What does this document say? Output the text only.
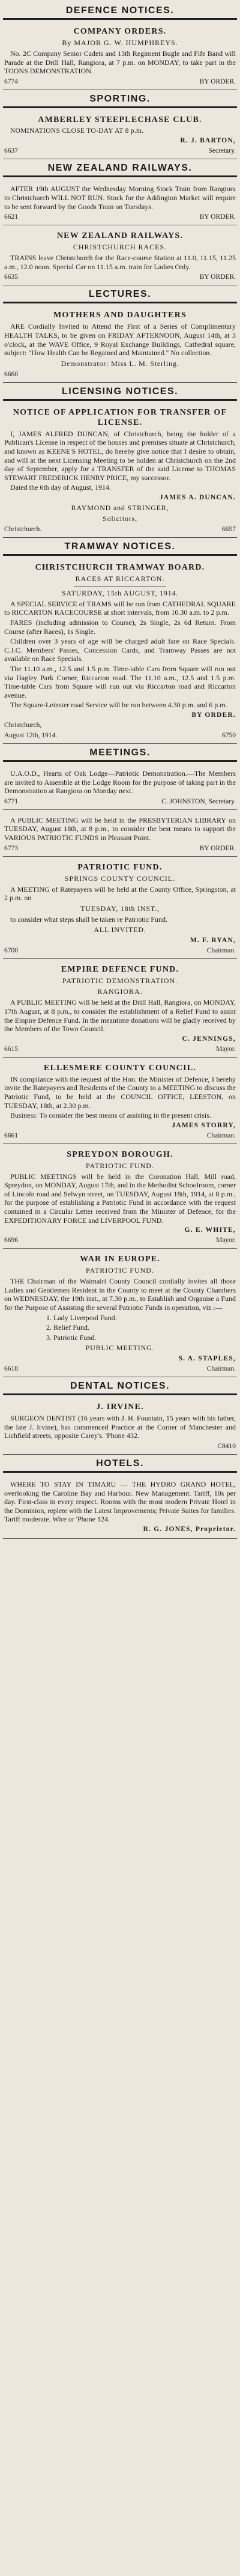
DEFENCE NOTICES.
COMPANY ORDERS.
By MAJOR G. W. HUMPHREYS.
No. 2C Company Senior Cadets and 13th Regiment Bugle and Fife Band will Parade at the Drill Hall, Rangiora, at 7 p.m. on MONDAY, to take part in the TOONS DEMONSTRATION.
6774	BY ORDER.
SPORTING.
AMBERLEY STEEPLECHASE CLUB.
NOMINATIONS CLOSE TO-DAY AT 8 p.m.
R. J. BARTON,
6637	Secretary.
NEW ZEALAND RAILWAYS.
AFTER 19th AUGUST the Wednesday Morning Stock Train from Rangiora to Christchurch WILL NOT RUN. Stock for the Addington Market will require to be sent forward by the Goods Train on Tuesdays.
6621	BY ORDER.
NEW ZEALAND RAILWAYS.
CHRISTCHURCH RACES.
TRAINS leave Christchurch for the Race-course Station at 11.0, 11.15, 11.25 a.m., 12.0 noon. Special Car on 11.15 a.m. train for Ladies Only.
6635	BY ORDER.
LECTURES.
MOTHERS AND DAUGHTERS
ARE Cordially Invited to Attend the First of a Series of Complimentary HEALTH TALKS, to be given on FRIDAY AFTERNOON, August 14th, at 3 o'clock, at the WAVE Office, 9 Royal Exchange Buildings, Cathedral square, subject: "How Health Can be Regained and Maintained." No collection.
Demonstrator: Miss L. M. Sterling.
6660
LICENSING NOTICES.
NOTICE OF APPLICATION FOR TRANSFER OF LICENSE.
I, JAMES ALFRED DUNCAN, of Christchurch, being the holder of a Publican's License in respect of the houses and premises situate at Christchurch, and known as KEENE'S HOTEL, do hereby give notice that I desire to obtain, and will at the next Licensing Meeting to be holden at Christchurch on the 2nd day of September, apply for a TRANSFER of the said License to THOMAS STEWART FREDERICK HENRY PRICE, my successor.
Dated the 6th day of August, 1914.
JAMES A. DUNCAN.
RAYMOND and STRINGER,
Solicitors,
Christchurch.	6657
TRAMWAY NOTICES.
CHRISTCHURCH TRAMWAY BOARD.
RACES AT RICCARTON.
SATURDAY, 15th AUGUST, 1914.
A SPECIAL SERVICE of TRAMS will be run from CATHEDRAL SQUARE to RICCARTON RACECOURSE at short intervals, from 10.30 a.m. to 2 p.m.
FARES (including admission to Course), 2s Single, 2s 6d Return. From Course (after Races), 1s Single.
Children over 3 years of age will be charged adult fare on Race Specials. C.J.C. Members' Passes, Concession Cards, and Tramway Passes are not available on Race Specials.
The 11.10 a.m., 12.5 and 1.5 p.m. Time-table Cars from Square will run out via Hagley Park Corner, Riccarton road. The 11.10 a.m., 12.5 and 1.5 p.m. Time-table Cars from Square will run out via Riccarton road and Riccarton avenue.
The Square-Leinster road Service will be run between 4.30 p.m. and 6 p.m.
BY ORDER.
Christchurch,
August 12th, 1914.	6750
MEETINGS.
U.A.O.D., Hearts of Oak Lodge—Patriotic Demonstration.—The Members are invited to Assemble at the Lodge Room for the purpose of taking part in the Demonstration at Rangiora on Monday next.
6771	C. JOHNSTON, Secretary.
A PUBLIC MEETING will be held in the PRESBYTERIAN LIBRARY on TUESDAY, August 18th, at 8 p.m., to consider the best means to support the VARIOUS PATRIOTIC FUNDS in Pleasant Point.
6773	BY ORDER.
PATRIOTIC FUND.
SPRINGS COUNTY COUNCIL.
A MEETING of Ratepayers will be held at the County Office, Springston, at 2 p.m. on
TUESDAY, 18th INST.,
to consider what steps shall be taken re Patriotic Fund.
ALL INVITED.
M. F. RYAN,
6700	Chairman.
EMPIRE DEFENCE FUND.
PATRIOTIC DEMONSTRATION.
RANGIORA.
A PUBLIC MEETING will be held at the Drill Hall, Rangiora, on MONDAY, 17th August, at 8 p.m., to consider the establishment of a Relief Fund to assist the Empire Defence Fund. In the meantime donations will be gladly received by the Members of the Town Council.
C. JENNINGS,
6615	Mayor.
ELLESMERE COUNTY COUNCIL.
IN compliance with the request of the Hon. the Minister of Defence, I hereby invite the Ratepayers and Residents of the County to a MEETING to discuss the Patriotic Fund, to be held at the COUNCIL OFFICE, LEESTON, on TUESDAY, 18th, at 2.30 p.m.
Business: To consider the best means of assisting in the present crisis.
JAMES STORRY,
6661	Chairman.
SPREYDON BOROUGH.
PATRIOTIC FUND.
PUBLIC MEETINGS will be held in the Coronation Hall, Mill road, Spreydon, on MONDAY, August 17th, and in the Methodist Schoolroom, corner of Lincoln road and Selwyn street, on TUESDAY, August 18th, 1914, at 8 p.m., for the purpose of establishing a Patriotic Fund in accordance with the request contained in a Circular Letter received from the Minister of Defence, for the EXPEDITIONARY FORCE and LIVERPOOL FUND.
G. E. WHITE,
6696	Mayor.
WAR IN EUROPE.
PATRIOTIC FUND.
THE Chairman of the Waimairi County Council cordially invites all those Ladies and Gentlemen Resident in the County to meet at the County Chambers on WEDNESDAY, the 19th inst., at 7.30 p.m., to Establish and Organise a Fund for the Purpose of Assisting the several Patriotic Funds in operation, viz.:—
1. Lady Liverpool Fund.
2. Relief Fund.
3. Patriotic Fund.
PUBLIC MEETING.
S. A. STAPLES,
6618	Chairman.
DENTAL NOTICES.
J. IRVINE.
SURGEON DENTIST (16 years with J. H. Fountain, 15 years with his father, the late J. Irvine), has commenced Practice at the Corner of Manchester and Lichfield streets, opposite Carey's. 'Phone 432.
C8410
HOTELS.
WHERE TO STAY IN TIMARU — THE HYDRO GRAND HOTEL, overlooking the Caroline Bay and Harbour. New Management. Tariff, 10s per day. First-class in every respect. Rooms with the most modern Private Hotel in the Dominion, replete with the Latest Improvements; Private Suites for families. Tariff moderate. Wire or 'Phone 124.
R. G. JONES, Proprietor.
